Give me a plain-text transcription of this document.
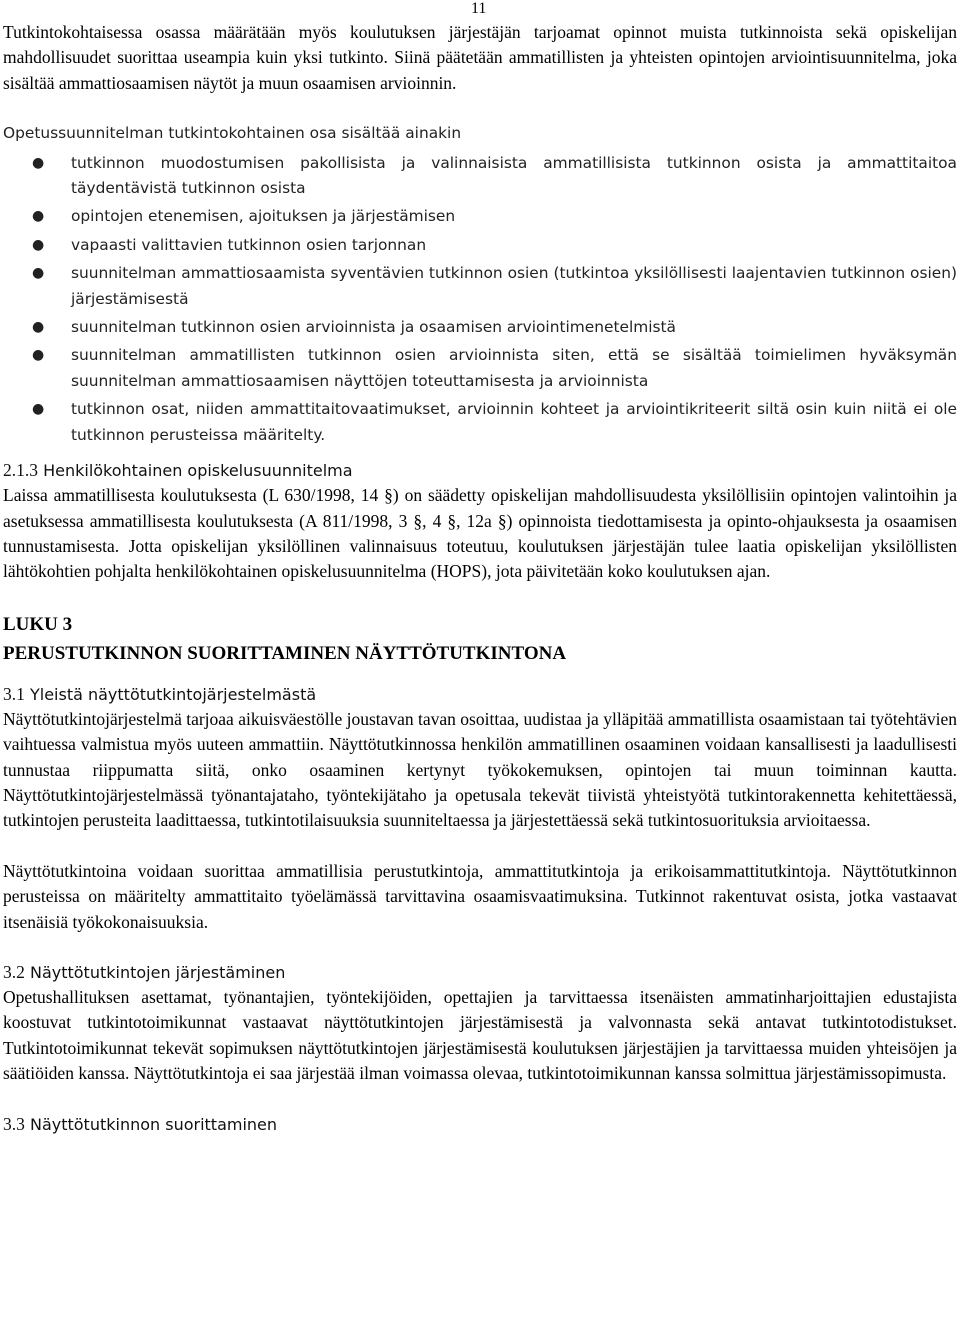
11

Tutkintokohtaisessa osassa määrätään myös koulutuksen järjestäjän tarjoamat opinnot muista tutkinnoista sekä opiskelijan mahdollisuudet suorittaa useampia kuin yksi tutkinto. Siinä päätetään ammatillisten ja yhteisten opintojen arviointisuunnitelma, joka sisältää ammattiosaamisen näytöt ja muun osaamisen arvioinnin.

Opetussuunnitelman tutkintokohtainen osa sisältää ainakin

● tutkinnon muodostumisen pakollisista ja valinnaisista ammatillisista tutkinnon osista ja ammattitaitoa täydentävistä tutkinnon osista
● opintojen etenemisen, ajoituksen ja järjestämisen
● vapaasti valittavien tutkinnon osien tarjonnan
● suunnitelman ammattiosaamista syventävien tutkinnon osien (tutkintoa yksilöllisesti laajentavien tutkinnon osien) järjestämisestä
● suunnitelman tutkinnon osien arvioinnista ja osaamisen arviointimenetelmistä
● suunnitelman ammatillisten tutkinnon osien arvioinnista siten, että se sisältää toimielimen hyväksymän suunnitelman ammattiosaamisen näyttöjen toteuttamisesta ja arvioinnista
● tutkinnon osat, niiden ammattitaitovaatimukset, arvioinnin kohteet ja arviointikriteerit siltä osin kuin niitä ei ole tutkinnon perusteissa määritelty.

2.1.3 Henkilökohtainen opiskelusuunnitelma

Laissa ammatillisesta koulutuksesta (L 630/1998, 14 §) on säädetty opiskelijan mahdollisuudesta yksilöllisiin opintojen valintoihin ja asetuksessa ammatillisesta koulutuksesta (A 811/1998, 3 §, 4 §, 12a §) opinnoista tiedottamisesta ja opinto-ohjauksesta ja osaamisen tunnustamisesta. Jotta opiskelijan yksilöllinen valinnaisuus toteutuu, koulutuksen järjestäjän tulee laatia opiskelijan yksilöllisten lähtökohtien pohjalta henkilökohtainen opiskelusuunnitelma (HOPS), jota päivitetään koko koulutuksen ajan.

LUKU 3

PERUSTUTKINNON SUORITTAMINEN NÄYTTÖTUTKINTONA

3.1 Yleistä näyttötutkintojärjestelmästä

Näyttötutkintojärjestelmä tarjoaa aikuisväestölle joustavan tavan osoittaa, uudistaa ja ylläpitää ammatillista osaamistaan tai työtehtävien vaihtuessa valmistua myös uuteen ammattiin. Näyttötutkinnossa henkilön ammatillinen osaaminen voidaan kansallisesti ja laadullisesti tunnustaa riippumatta siitä, onko osaaminen kertynyt työkokemuksen, opintojen tai muun toiminnan kautta. Näyttötutkintojärjestelmässä työnantajataho, työntekijätaho ja opetusala tekevät tiivistä yhteistyötä tutkintorakennetta kehitettäessä, tutkintojen perusteita laadittaessa, tutkintotilaisuuksia suunniteltaessa ja järjestettäessä sekä tutkintosuorituksia arvioitaessa.

Näyttötutkintoina voidaan suorittaa ammatillisia perustutkintoja, ammattitutkintoja ja erikoisammattitutkintoja. Näyttötutkinnon perusteissa on määritelty ammattitaito työelämässä tarvittavina osaamisvaatimuksina. Tutkinnot rakentuvat osista, jotka vastaavat itsenäisiä työkokonaisuuksia.

3.2 Näyttötutkintojen järjestäminen

Opetushallituksen asettamat, työnantajien, työntekijöiden, opettajien ja tarvittaessa itsenäisten ammatinharjoittajien edustajista koostuvat tutkintotoimikunnat vastaavat näyttötutkintojen järjestämisestä ja valvonnasta sekä antavat tutkintotodistukset. Tutkintotoimikunnat tekevät sopimuksen näyttötutkintojen järjestämisestä koulutuksen järjestäjien ja tarvittaessa muiden yhteisöjen ja säätiöiden kanssa. Näyttötutkintoja ei saa järjestää ilman voimassa olevaa, tutkintotoimikunnan kanssa solmittua järjestämissopimusta.

3.3 Näyttötutkinnon suorittaminen
